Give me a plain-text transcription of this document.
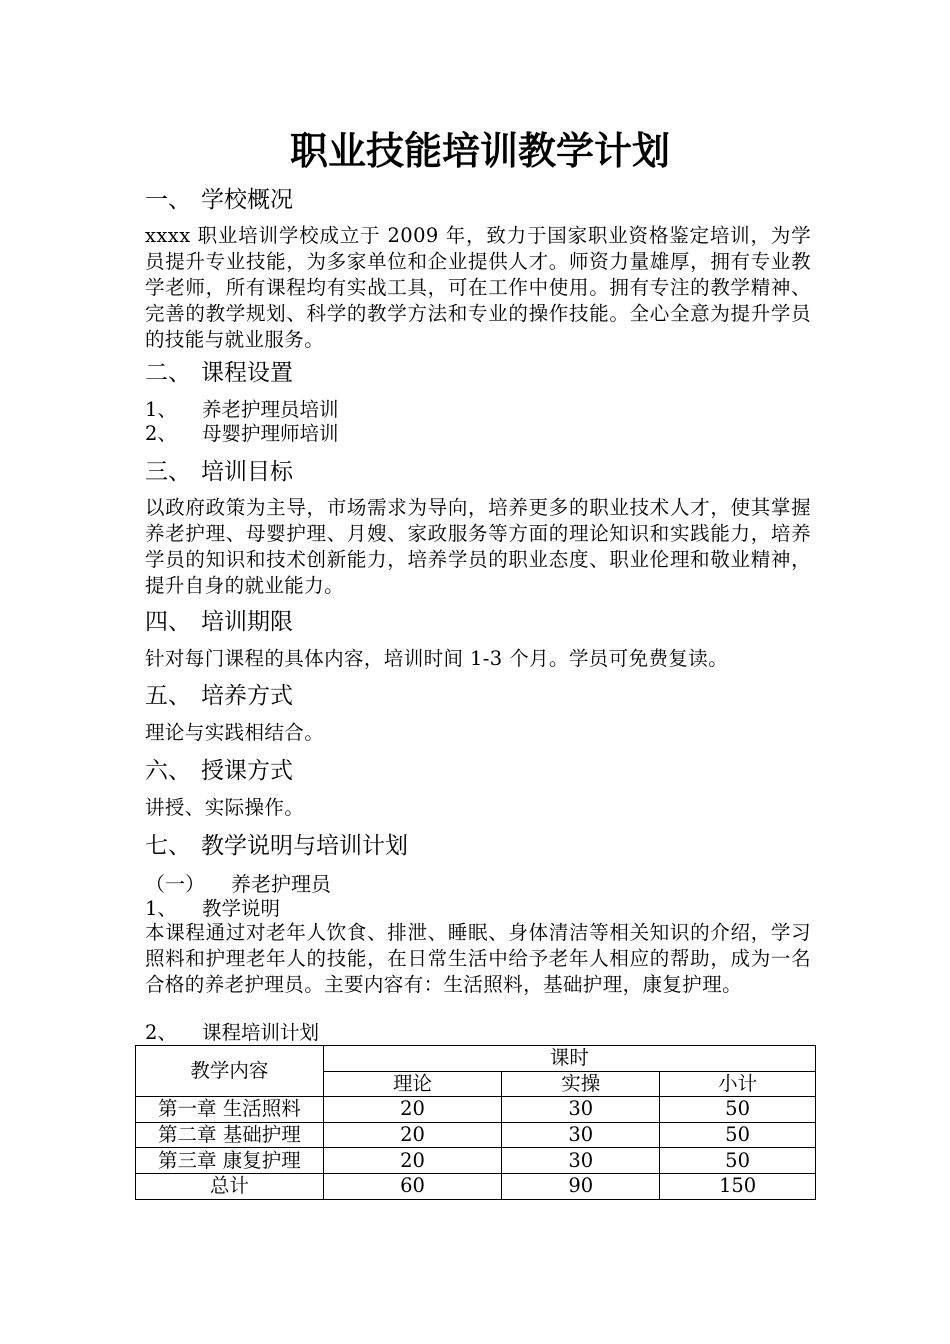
职业技能培训教学计划
一、 学校概况
xxxx 职业培训学校成立于 2009 年，致力于国家职业资格鉴定培训，为学员提升专业技能，为多家单位和企业提供人才。师资力量雄厚，拥有专业教学老师，所有课程均有实战工具，可在工作中使用。拥有专注的教学精神、完善的教学规划、科学的教学方法和专业的操作技能。全心全意为提升学员的技能与就业服务。
二、 课程设置
1、 养老护理员培训
2、 母婴护理师培训
三、 培训目标
以政府政策为主导，市场需求为导向，培养更多的职业技术人才，使其掌握养老护理、母婴护理、月嫂、家政服务等方面的理论知识和实践能力，培养学员的知识和技术创新能力，培养学员的职业态度、职业伦理和敬业精神，提升自身的就业能力。
四、 培训期限
针对每门课程的具体内容，培训时间 1-3 个月。学员可免费复读。
五、 培养方式
理论与实践相结合。
六、 授课方式
讲授、实际操作。
七、 教学说明与培训计划
（一） 养老护理员
1、 教学说明
本课程通过对老年人饮食、排泄、睡眠、身体清洁等相关知识的介绍，学习照料和护理老年人的技能，在日常生活中给予老年人相应的帮助，成为一名合格的养老护理员。主要内容有：生活照料，基础护理，康复护理。
2、 课程培训计划
教学内容	课时		
	理论	实操	小计
第一章 生活照料	20	30	50
第二章 基础护理	20	30	50
第三章 康复护理	20	30	50
总计	60	90	150
